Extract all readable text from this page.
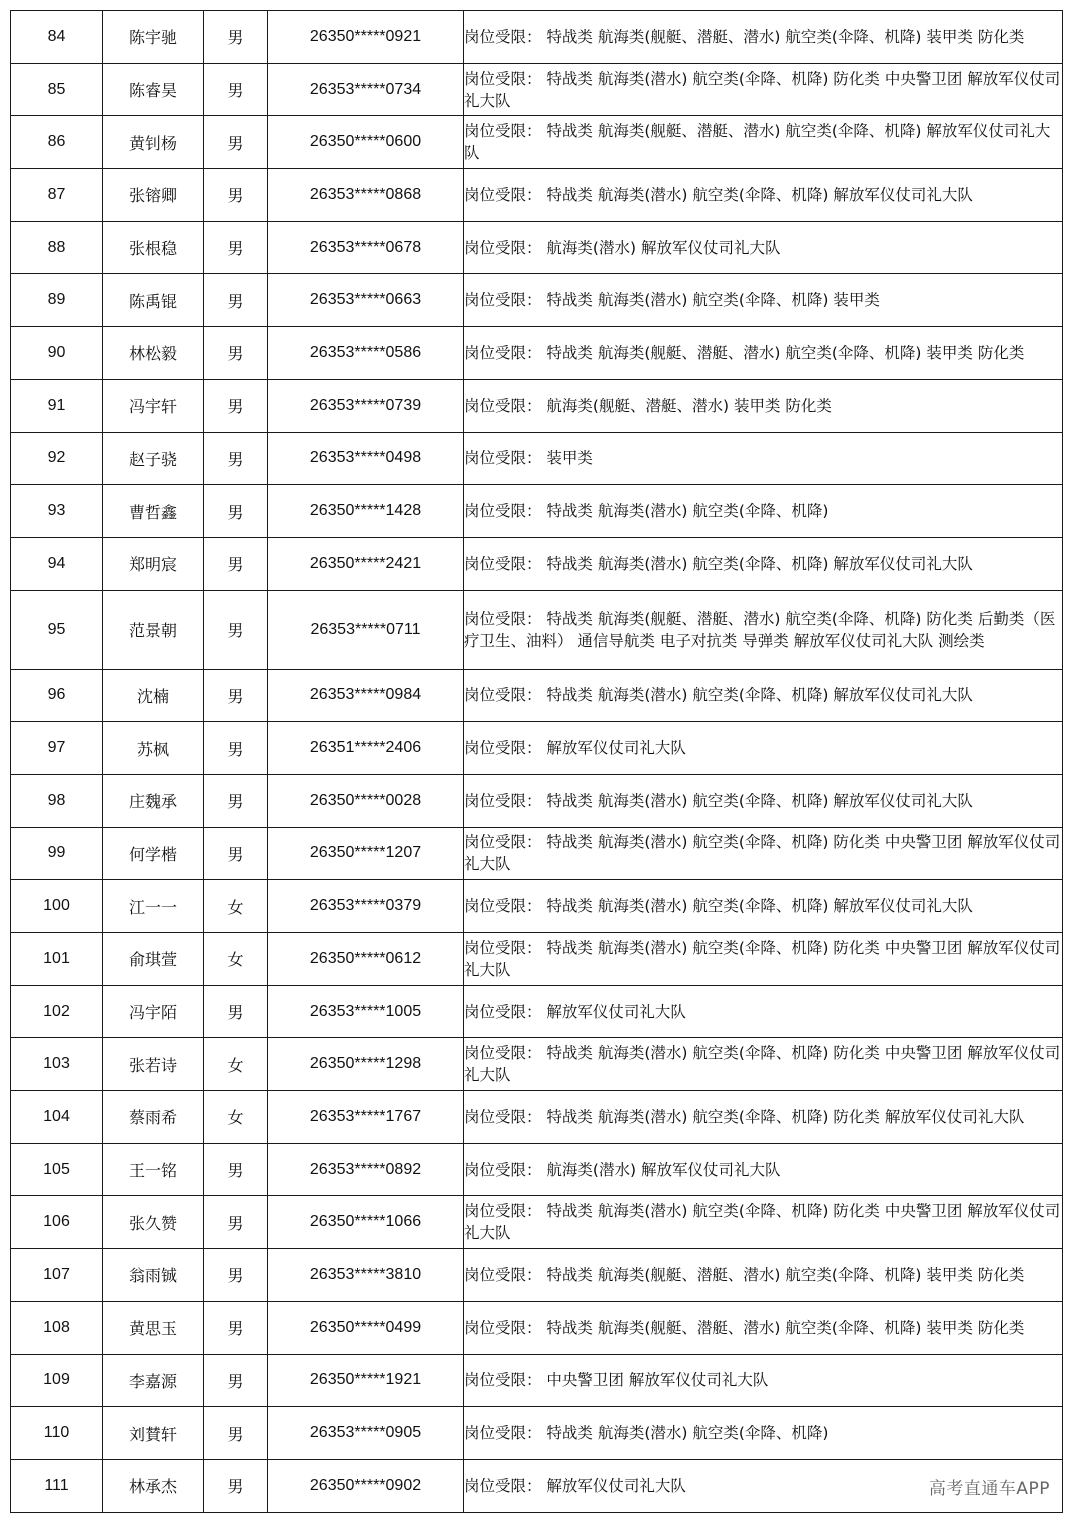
84	陈宇驰	男	26350*****0921	岗位受限： 特战类 航海类(舰艇、潜艇、潜水) 航空类(伞降、机降) 装甲类 防化类
85	陈睿昊	男	26353*****0734	岗位受限： 特战类 航海类(潜水) 航空类(伞降、机降) 防化类 中央警卫团 解放军仪仗司礼大队
86	黄钊杨	男	26350*****0600	岗位受限： 特战类 航海类(舰艇、潜艇、潜水) 航空类(伞降、机降) 解放军仪仗司礼大队
87	张镕卿	男	26353*****0868	岗位受限： 特战类 航海类(潜水) 航空类(伞降、机降) 解放军仪仗司礼大队
88	张根稳	男	26353*****0678	岗位受限： 航海类(潜水) 解放军仪仗司礼大队
89	陈禹锟	男	26353*****0663	岗位受限： 特战类 航海类(潜水) 航空类(伞降、机降) 装甲类
90	林松毅	男	26353*****0586	岗位受限： 特战类 航海类(舰艇、潜艇、潜水) 航空类(伞降、机降) 装甲类 防化类
91	冯宇轩	男	26353*****0739	岗位受限： 航海类(舰艇、潜艇、潜水) 装甲类 防化类
92	赵子骁	男	26353*****0498	岗位受限： 装甲类
93	曹哲鑫	男	26350*****1428	岗位受限： 特战类 航海类(潜水) 航空类(伞降、机降)
94	郑明宸	男	26350*****2421	岗位受限： 特战类 航海类(潜水) 航空类(伞降、机降) 解放军仪仗司礼大队
95	范景朝	男	26353*****0711	岗位受限： 特战类 航海类(舰艇、潜艇、潜水) 航空类(伞降、机降) 防化类 后勤类（医疗卫生、油料） 通信导航类 电子对抗类 导弹类 解放军仪仗司礼大队 测绘类
96	沈楠	男	26353*****0984	岗位受限： 特战类 航海类(潜水) 航空类(伞降、机降) 解放军仪仗司礼大队
97	苏枫	男	26351*****2406	岗位受限： 解放军仪仗司礼大队
98	庄魏承	男	26350*****0028	岗位受限： 特战类 航海类(潜水) 航空类(伞降、机降) 解放军仪仗司礼大队
99	何学楷	男	26350*****1207	岗位受限： 特战类 航海类(潜水) 航空类(伞降、机降) 防化类 中央警卫团 解放军仪仗司礼大队
100	江一一	女	26353*****0379	岗位受限： 特战类 航海类(潜水) 航空类(伞降、机降) 解放军仪仗司礼大队
101	俞琪萱	女	26350*****0612	岗位受限： 特战类 航海类(潜水) 航空类(伞降、机降) 防化类 中央警卫团 解放军仪仗司礼大队
102	冯宇陌	男	26353*****1005	岗位受限： 解放军仪仗司礼大队
103	张若诗	女	26350*****1298	岗位受限： 特战类 航海类(潜水) 航空类(伞降、机降) 防化类 中央警卫团 解放军仪仗司礼大队
104	蔡雨希	女	26353*****1767	岗位受限： 特战类 航海类(潜水) 航空类(伞降、机降) 防化类 解放军仪仗司礼大队
105	王一铭	男	26353*****0892	岗位受限： 航海类(潜水) 解放军仪仗司礼大队
106	张久赞	男	26350*****1066	岗位受限： 特战类 航海类(潜水) 航空类(伞降、机降) 防化类 中央警卫团 解放军仪仗司礼大队
107	翁雨铖	男	26353*****3810	岗位受限： 特战类 航海类(舰艇、潜艇、潜水) 航空类(伞降、机降) 装甲类 防化类
108	黄思玉	男	26350*****0499	岗位受限： 特战类 航海类(舰艇、潜艇、潜水) 航空类(伞降、机降) 装甲类 防化类
109	李嘉源	男	26350*****1921	岗位受限： 中央警卫团 解放军仪仗司礼大队
110	刘賛轩	男	26353*****0905	岗位受限： 特战类 航海类(潜水) 航空类(伞降、机降)
111	林承杰	男	26350*****0902	岗位受限： 解放军仪仗司礼大队	高考直通车APP
